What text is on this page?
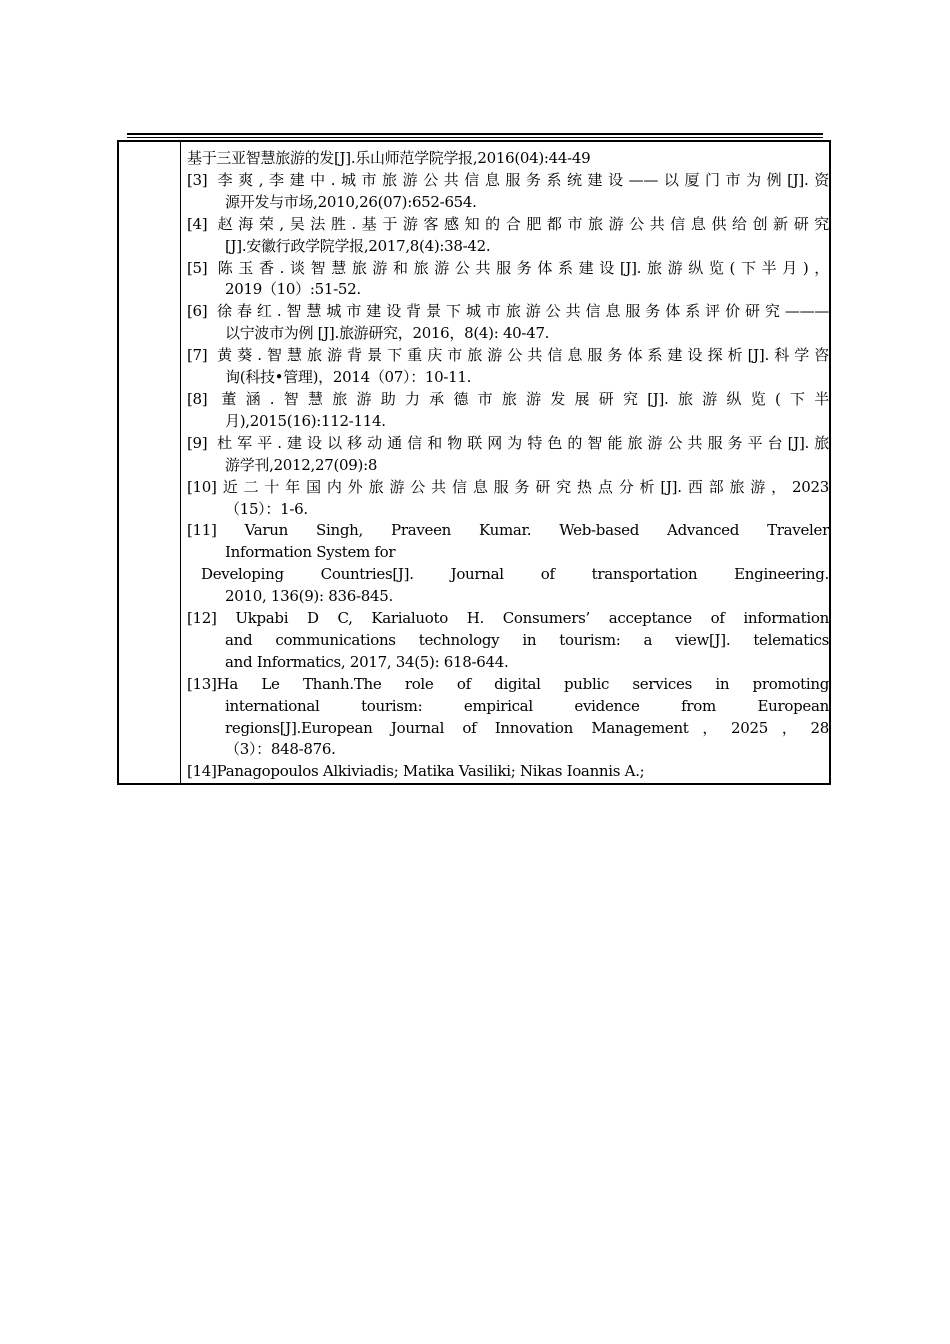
基于三亚智慧旅游的发[J].乐山师范学院学报,2016(04):44-49
[3] 李爽,李建中.城市旅游公共信息服务系统建设——以厦门市为例[J].资
源开发与市场,2010,26(07):652-654.
[4] 赵海荣,吴法胜.基于游客感知的合肥都市旅游公共信息供给创新研究
[J].安徽行政学院学报,2017,8(4):38-42.
[5] 陈玉香.谈智慧旅游和旅游公共服务体系建设[J].旅游纵览(下半月)，
2019（10）:51-52.
[6] 徐春红.智慧城市建设背景下城市旅游公共信息服务体系评价研究———
以宁波市为例 [J].旅游研究，2016，8(4): 40-47.
[7] 黄葵.智慧旅游背景下重庆市旅游公共信息服务体系建设探析[J].科学咨
询(科技•管理)，2014（07）：10-11.
[8] 董涵.智慧旅游助力承德市旅游发展研究[J].旅游纵览(下半
月),2015(16):112-114.
[9] 杜军平.建设以移动通信和物联网为特色的智能旅游公共服务平台[J].旅
游学刊,2012,27(09):8
[10]近二十年国内外旅游公共信息服务研究热点分析[J].西部旅游，2023
（15）：1-6.
[11] Varun Singh, Praveen Kumar. Web-based Advanced Traveler
Information System for
Developing Countries[J]. Journal of transportation Engineering.
2010, 136(9): 836-845.
[12] Ukpabi D C, Karialuoto H. Consumers’ acceptance of information
and communications technology in tourism: a view[J]. telematics
and Informatics, 2017, 34(5): 618-644.
[13]Ha Le Thanh.The role of digital public services in promoting
international tourism: empirical evidence from European
regions[J].European Journal of Innovation Management，2025，28
（3）：848-876.
[14]Panagopoulos Alkiviadis; Matika Vasiliki; Nikas Ioannis A.;
